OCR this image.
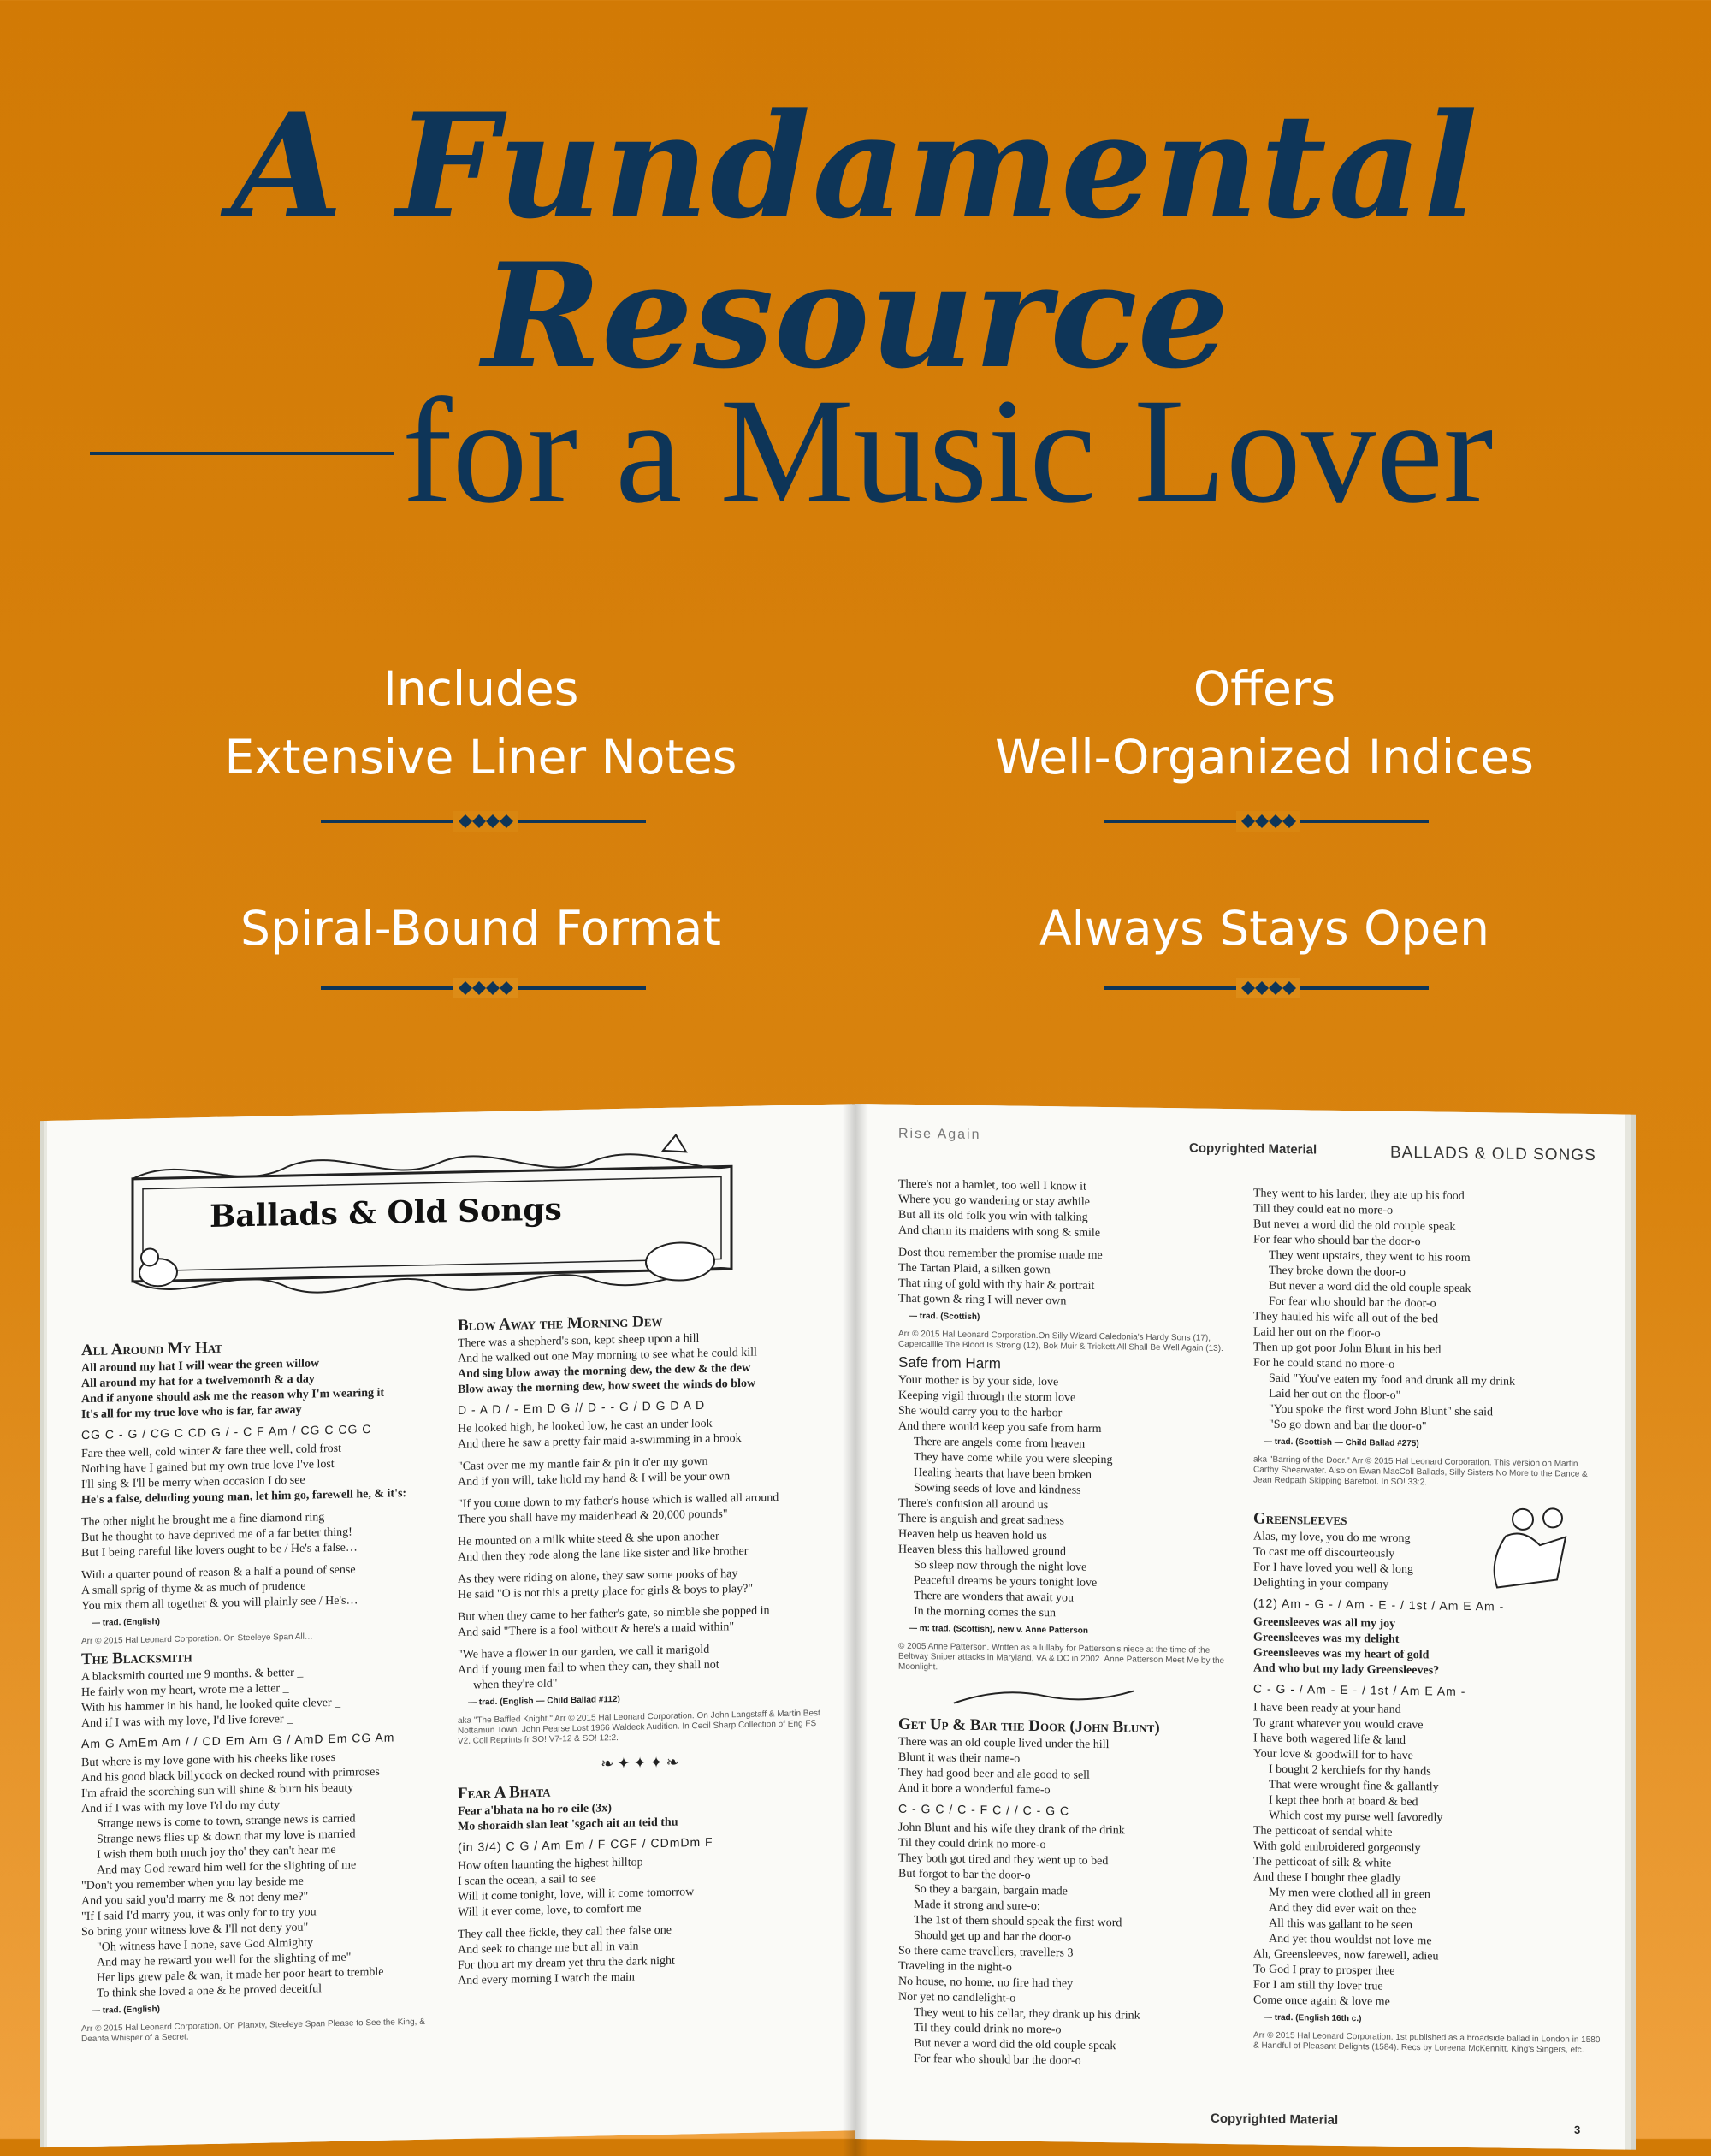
A Fundamental
Resource
for a Music Lover
Includes
Extensive Liner Notes
Offers
Well-Organized Indices
Spiral-Bound Format	Always Stays Open
Ballads & Old Songs

All Around My Hat

All around my hat I will wear the green willow

All around my hat for a twelvemonth & a day

And if anyone should ask me the reason why I'm wearing it

It's all for my true love who is far, far away

CG C - G / CG C CD G / - C F Am / CG C CG C

Fare thee well, cold winter & fare thee well, cold frost

Nothing have I gained but my own true love I've lost

I'll sing & I'll be merry when occasion I do see

He's a false, deluding young man, let him go, farewell he, & it's:

The other night he brought me a fine diamond ring

But he thought to have deprived me of a far better thing!

But I being careful like lovers ought to be / He's a false…

With a quarter pound of reason & a half a pound of sense

A small sprig of thyme & as much of prudence

You mix them all together & you will plainly see / He's…

— trad. (English)

Arr © 2015 Hal Leonard Corporation. On Steeleye Span All…

The Blacksmith

A blacksmith courted me 9 months. & better _

He fairly won my heart, wrote me a letter _

With his hammer in his hand, he looked quite clever _

And if I was with my love, I'd live forever _

Am G AmEm Am / / CD Em Am G / AmD Em CG Am

But where is my love gone with his cheeks like roses

And his good black billycock on decked round with primroses

I'm afraid the scorching sun will shine & burn his beauty

And if I was with my love I'd do my duty

Strange news is come to town, strange news is carried

Strange news flies up & down that my love is married

I wish them both much joy tho' they can't hear me

And may God reward him well for the slighting of me

"Don't you remember when you lay beside me

And you said you'd marry me & not deny me?"

"If I said I'd marry you, it was only for to try you

So bring your witness love & I'll not deny you"

"Oh witness have I none, save God Almighty

And may he reward you well for the slighting of me"

Her lips grew pale & wan, it made her poor heart to tremble

To think she loved a one & he proved deceitful

— trad. (English)

Arr © 2015 Hal Leonard Corporation. On Planxty, Steeleye Span Please to See the King, & Deanta Whisper of a Secret.

Blow Away the Morning Dew

There was a shepherd's son, kept sheep upon a hill

And he walked out one May morning to see what he could kill

And sing blow away the morning dew, the dew & the dew

Blow away the morning dew, how sweet the winds do blow

D - A D / - Em D G // D - - G / D G D A D

He looked high, he looked low, he cast an under look

And there he saw a pretty fair maid a-swimming in a brook

"Cast over me my mantle fair & pin it o'er my gown

And if you will, take hold my hand & I will be your own

"If you come down to my father's house which is walled all around

There you shall have my maidenhead & 20,000 pounds"

He mounted on a milk white steed & she upon another

And then they rode along the lane like sister and like brother

As they were riding on alone, they saw some pooks of hay

He said "O is not this a pretty place for girls & boys to play?"

But when they came to her father's gate, so nimble she popped in

And said "There is a fool without & here's a maid within"

"We have a flower in our garden, we call it marigold

And if young men fail to when they can, they shall not

when they're old"

— trad. (English — Child Ballad #112)

aka "The Baffled Knight." Arr © 2015 Hal Leonard Corporation. On John Langstaff & Martin Best Nottamun Town, John Pearse Lost 1966 Waldeck Audition. In Cecil Sharp Collection of Eng FS V2, Coll Reprints fr SO! V7-12 & SO! 12:2.

❧✦✦✦❧

Fear A Bhata

Fear a'bhata na ho ro eile (3x)

Mo shoraidh slan leat 'sgach ait an teid thu

(in 3/4) C G / Am Em / F CGF / CDmDm F

How often haunting the highest hilltop

I scan the ocean, a sail to see

Will it come tonight, love, will it come tomorrow

Will it ever come, love, to comfort me

They call thee fickle, they call thee false one

And seek to change me but all in vain

For thou art my dream yet thru the dark night

And every morning I watch the main

Rise Again
Copyrighted Material	BALLADS & OLD SONGS

There's not a hamlet, too well I know it

Where you go wandering or stay awhile

But all its old folk you win with talking

And charm its maidens with song & smile

Dost thou remember the promise made me

The Tartan Plaid, a silken gown

That ring of gold with thy hair & portrait

That gown & ring I will never own

— trad. (Scottish)

Arr © 2015 Hal Leonard Corporation.On Silly Wizard Caledonia's Hardy Sons (17), Capercaillie The Blood Is Strong (12), Bok Muir & Trickett All Shall Be Well Again (13).

Safe from Harm

Your mother is by your side, love

Keeping vigil through the storm love

She would carry you to the harbor

And there would keep you safe from harm

There are angels come from heaven

They have come while you were sleeping

Healing hearts that have been broken

Sowing seeds of love and kindness

There's confusion all around us

There is anguish and great sadness

Heaven help us heaven hold us

Heaven bless this hallowed ground

So sleep now through the night love

Peaceful dreams be yours tonight love

There are wonders that await you

In the morning comes the sun

— m: trad. (Scottish), new v. Anne Patterson

© 2005 Anne Patterson. Written as a lullaby for Patterson's niece at the time of the Beltway Sniper attacks in Maryland, VA & DC in 2002. Anne Patterson Meet Me by the Moonlight.

Get Up & Bar the Door (John Blunt)

There was an old couple lived under the hill

Blunt it was their name-o

They had good beer and ale good to sell

And it bore a wonderful fame-o

C - G C / C - F C / / C - G C

John Blunt and his wife they drank of the drink

Til they could drink no more-o

They both got tired and they went up to bed

But forgot to bar the door-o

So they a bargain, bargain made

Made it strong and sure-o:

The 1st of them should speak the first word

Should get up and bar the door-o

So there came travellers, travellers 3

Traveling in the night-o

No house, no home, no fire had they

Nor yet no candlelight-o

They went to his cellar, they drank up his drink

Til they could drink no more-o

But never a word did the old couple speak

For fear who should bar the door-o

They went to his larder, they ate up his food

Till they could eat no more-o

But never a word did the old couple speak

For fear who should bar the door-o

They went upstairs, they went to his room

They broke down the door-o

But never a word did the old couple speak

For fear who should bar the door-o

They hauled his wife all out of the bed

Laid her out on the floor-o

Then up got poor John Blunt in his bed

For he could stand no more-o

Said "You've eaten my food and drunk all my drink

Laid her out on the floor-o"

"You spoke the first word John Blunt" she said

"So go down and bar the door-o"

— trad. (Scottish — Child Ballad #275)

aka "Barring of the Door." Arr © 2015 Hal Leonard Corporation. This version on Martin Carthy Shearwater. Also on Ewan MacColl Ballads, Silly Sisters No More to the Dance & Jean Redpath Skipping Barefoot. In SO! 33:2.

Greensleeves

Alas, my love, you do me wrong

To cast me off discourteously

For I have loved you well & long

Delighting in your company

(12) Am - G - / Am - E - / 1st / Am E Am -

Greensleeves was all my joy

Greensleeves was my delight

Greensleeves was my heart of gold

And who but my lady Greensleeves?

C - G - / Am - E - / 1st / Am E Am -

I have been ready at your hand

To grant whatever you would crave

I have both wagered life & land

Your love & goodwill for to have

I bought 2 kerchiefs for thy hands

That were wrought fine & gallantly

I kept thee both at board & bed

Which cost my purse well favoredly

The petticoat of sendal white

With gold embroidered gorgeously

The petticoat of silk & white

And these I bought thee gladly

My men were clothed all in green

And they did ever wait on thee

All this was gallant to be seen

And yet thou wouldst not love me

Ah, Greensleeves, now farewell, adieu

To God I pray to prosper thee

For I am still thy lover true

Come once again & love me

— trad. (English 16th c.)

Arr © 2015 Hal Leonard Corporation. 1st published as a broadside ballad in London in 1580 & Handful of Pleasant Delights (1584). Recs by Loreena McKennitt, King's Singers, etc.

Copyrighted Material
3
